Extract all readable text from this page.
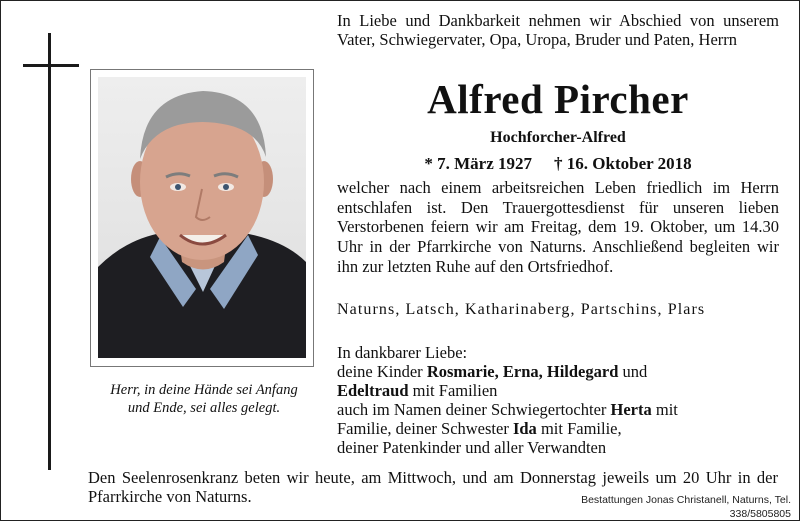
Herr, in deine Hände sei Anfang
und Ende, sei alles gelegt.
In Liebe und Dankbarkeit nehmen wir Abschied von unserem Vater, Schwiegervater, Opa, Uropa, Bruder und Paten, Herrn
Alfred Pircher
Hochforcher-Alfred
* 7. März 1927 † 16. Oktober 2018
welcher nach einem arbeitsreichen Leben friedlich im Herrn entschlafen ist. Den Trauergottesdienst für unseren lieben Verstorbenen feiern wir am Freitag, dem 19. Oktober, um 14.30 Uhr in der Pfarrkirche von Naturns. Anschließend begleiten wir ihn zur letzten Ruhe auf den Ortsfriedhof.
Naturns, Latsch, Katharinaberg, Partschins, Plars
In dankbarer Liebe:
deine Kinder Rosmarie, Erna, Hildegard und
Edeltraud mit Familien
auch im Namen deiner Schwiegertochter Herta mit
Familie, deiner Schwester Ida mit Familie,
deiner Patenkinder und aller Verwandten
Den Seelenrosenkranz beten wir heute, am Mittwoch, und am Donnerstag jeweils um 20 Uhr in der Pfarrkirche von Naturns.	Bestattungen Jonas Christanell, Naturns, Tel. 338/5805805
